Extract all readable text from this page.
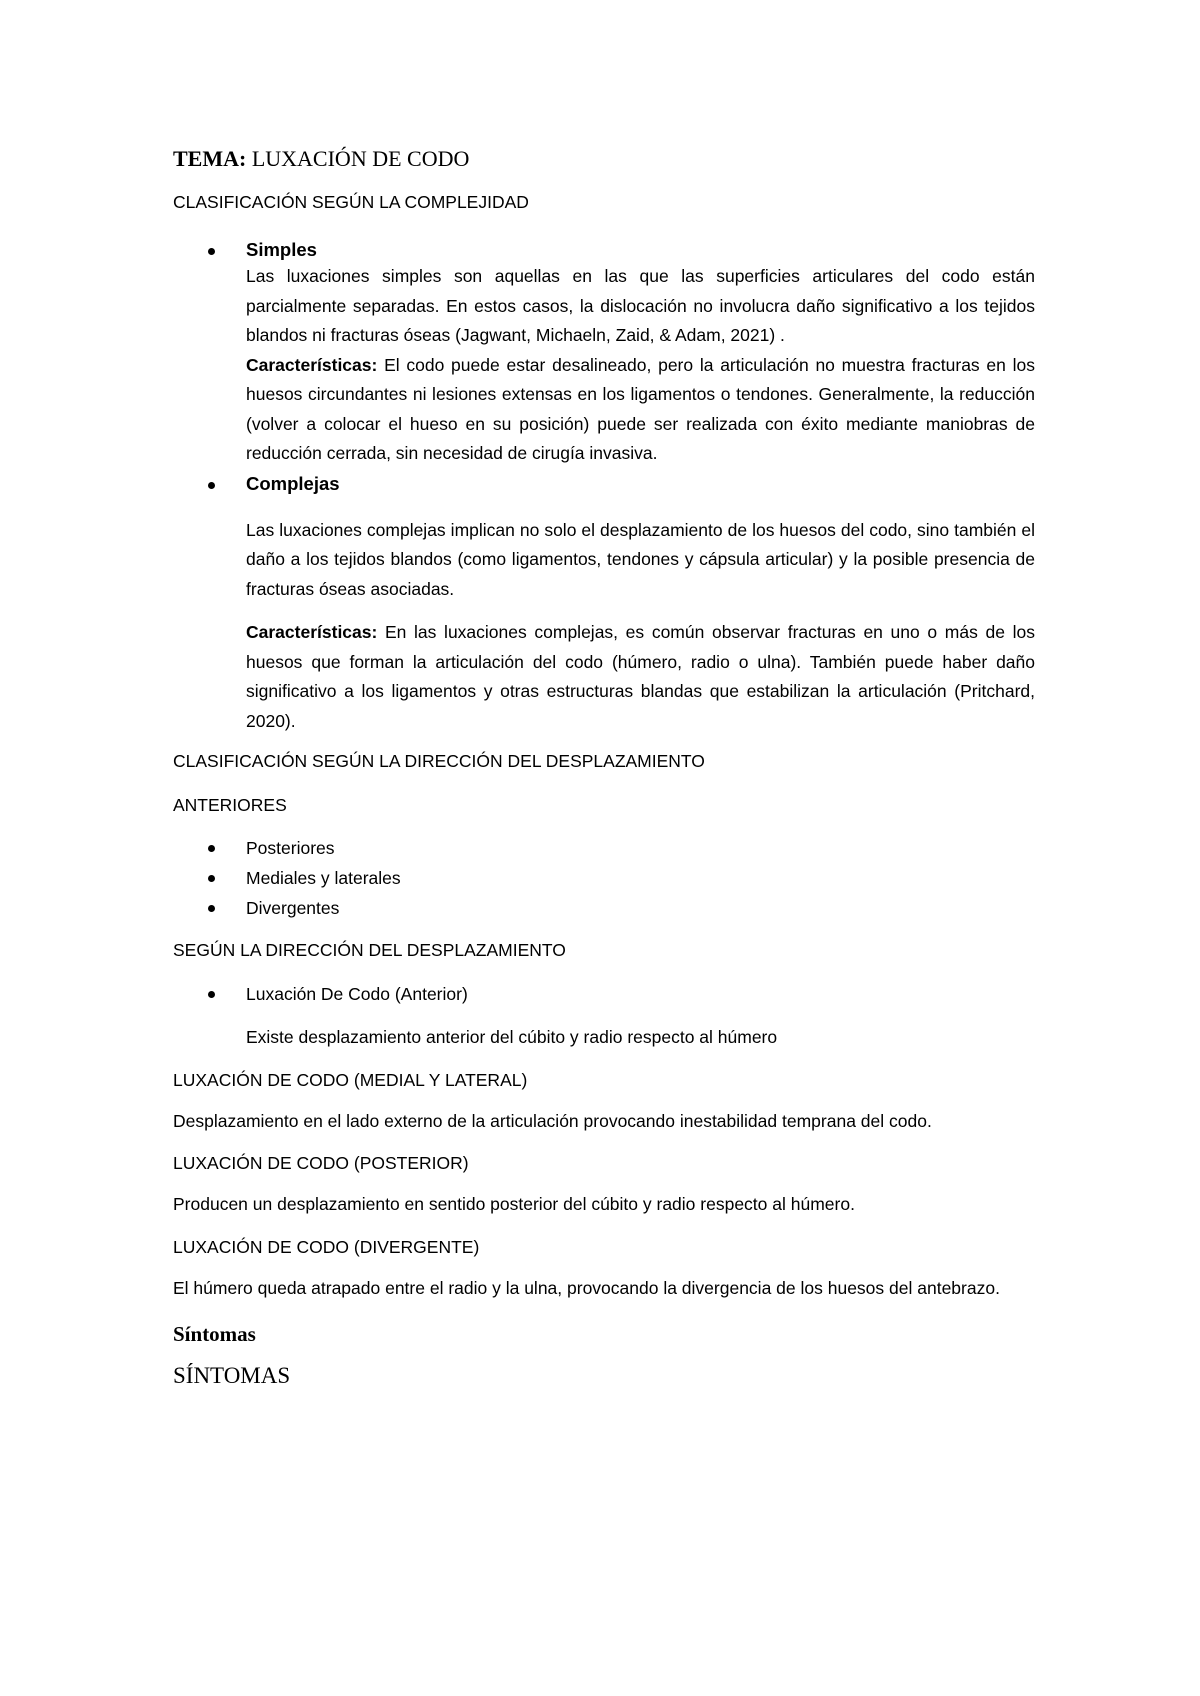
TEMA: LUXACIÓN DE CODO
CLASIFICACIÓN SEGÚN LA COMPLEJIDAD
Simples

Las luxaciones simples son aquellas en las que las superficies articulares del codo están parcialmente separadas. En estos casos, la dislocación no involucra daño significativo a los tejidos blandos ni fracturas óseas (Jagwant, Michaeln, Zaid, & Adam, 2021) .

Características: El codo puede estar desalineado, pero la articulación no muestra fracturas en los huesos circundantes ni lesiones extensas en los ligamentos o tendones. Generalmente, la reducción (volver a colocar el hueso en su posición) puede ser realizada con éxito mediante maniobras de reducción cerrada, sin necesidad de cirugía invasiva.

Complejas

Las luxaciones complejas implican no solo el desplazamiento de los huesos del codo, sino también el daño a los tejidos blandos (como ligamentos, tendones y cápsula articular) y la posible presencia de fracturas óseas asociadas.

Características: En las luxaciones complejas, es común observar fracturas en uno o más de los huesos que forman la articulación del codo (húmero, radio o ulna). También puede haber daño significativo a los ligamentos y otras estructuras blandas que estabilizan la articulación (Pritchard, 2020).

CLASIFICACIÓN SEGÚN LA DIRECCIÓN DEL DESPLAZAMIENTO
ANTERIORES
Posteriores
Mediales y laterales
Divergentes
SEGÚN LA DIRECCIÓN DEL DESPLAZAMIENTO
Luxación De Codo (Anterior)

Existe desplazamiento anterior del cúbito y radio respecto al húmero

LUXACIÓN DE CODO (MEDIAL Y LATERAL)

Desplazamiento en el lado externo de la articulación provocando inestabilidad temprana del codo.

LUXACIÓN DE CODO (POSTERIOR)

Producen un desplazamiento en sentido posterior del cúbito y radio respecto al húmero.

LUXACIÓN DE CODO (DIVERGENTE)

El húmero queda atrapado entre el radio y la ulna, provocando la divergencia de los huesos del antebrazo.

Síntomas

SÍNTOMAS
